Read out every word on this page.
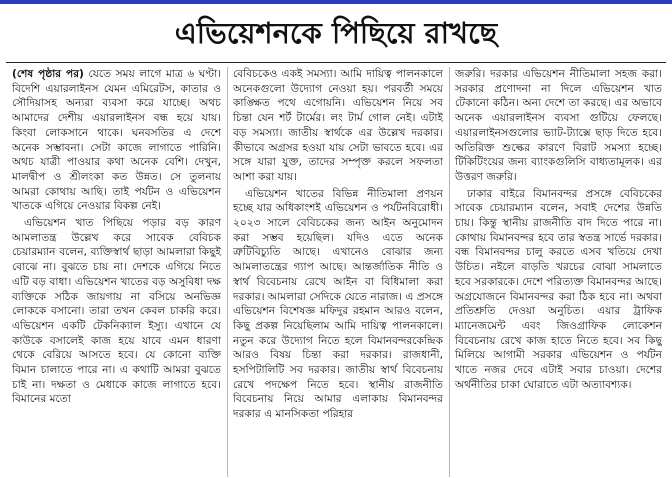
এভিয়েশনকে পিছিয়ে রাখছে

(শেষ পৃষ্ঠার পর) যেতে সময় লাগে মাত্র ৬ ঘণ্টা। বিদেশি এয়ারলাইনস যেমন এমিরেটস, কাতার ও সৌদিয়াসহ অন্যরা ব্যবসা করে যাচ্ছে। অথচ আমাদের দেশীয় এয়ারলাইনস বন্ধ হয়ে যায়। কিংবা লোকসানে থাকে। ঘনবসতির এ দেশে অনেক সম্ভাবনা। সেটা কাজে লাগাতে পারিনি। অথচ যাত্রী পাওয়ার কথা অনেক বেশি। দেখুন, মালদ্বীপ ও শ্রীলংকা কত উন্নত। সে তুলনায় আমরা কোথায় আছি। তাই পর্যটন ও এভিয়েশন খাতকে এগিয়ে নেওয়ার বিকল্প নেই।

এভিয়েশন খাত পিছিয়ে পড়ার বড় কারণ আমলাতন্ত্র উল্লেখ করে সাবেক বেবিচক চেয়ারম্যান বলেন, ব্যক্তিস্বার্থ ছাড়া আমলারা কিছুই বোঝে না। বুঝতে চায় না। দেশকে এগিয়ে নিতে এটি বড় বাধা। এভিয়েশন খাতের বড় অসুবিধা দক্ষ ব্যক্তিকে সঠিক জায়গায় না বসিয়ে অনভিজ্ঞ লোককে বসানো। তারা তখন কেবল চাকরি করে। এভিয়েশন একটি টেকনিক্যাল ইস্যু। এখানে যে কাউকে বসালেই কাজ হয়ে যাবে এমন ধারণা থেকে বেরিয়ে আসতে হবে। যে কোনো ব্যক্তি বিমান চালাতে পারে না। এ কথাটি আমরা বুঝতে চাই না। দক্ষতা ও মেধাকে কাজে লাগাতে হবে। বিমানের মতো

বেবিচকেও একই সমস্যা। আমি দায়িত্ব পালনকালে অনেকগুলো উদ্যোগ নেওয়া হয়। পরবর্তী সময়ে কাঙ্ক্ষিত পথে এগোয়নি। এভিয়েশন নিয়ে সব চিন্তা যেন শর্ট টার্মের। লং টার্ম গোল নেই। এটাই বড় সমস্যা। জাতীয় স্বার্থকে এর উল্লেখ দরকার। কীভাবে অগ্রসর হওয়া যায় সেটা ভাবতে হবে। এর সঙ্গে যারা যুক্ত, তাদের সম্পৃক্ত করলে সফলতা আশা করা যায়।

এভিয়েশন খাতের বিভিন্ন নীতিমালা প্রণয়ন হচ্ছে যার অধিকাংশই এভিয়েশন ও পর্যটনবিরোধী। ২০২৩ সালে বেবিচকের জন্য আইন অনুমোদন করা সম্ভব হয়েছিল। যদিও এতে অনেক ত্রুটিবিচ্যুতি আছে। এখানেও বোঝার জন্য আমলাতন্ত্রের গ্যাপ আছে। আন্তর্জাতিক নীতি ও স্বার্থ বিবেচনায় রেখে আইন বা বিধিমালা করা দরকার। আমলারা সেদিকে যেতে নারাজ। এ প্রসঙ্গে এভিয়েশন বিশেষজ্ঞ মফিদুর রহমান আরও বলেন, কিছু প্রকল্প নিয়েছিলাম আমি দায়িত্ব পালনকালে। নতুন করে উদ্যোগ নিতে হলে বিমানবন্দরকেন্দ্রিক আরও বিষয় চিন্তা করা দরকার। রাজধানী, হসপিটালিটি সব দরকার। জাতীয় স্বার্থ বিবেচনায় রেখে পদক্ষেপ নিতে হবে। স্থানীয় রাজনীতি বিবেচনায় নিয়ে আমার এলাকায় বিমানবন্দর দরকার এ মানসিকতা পরিহার

জরুরি। দরকার এভিয়েশন নীতিমালা সহজ করা। সরকার প্রণোদনা না দিলে এভিয়েশন খাত টেকানো কঠিন। অন্য দেশে তা করছে। এর অভাবে অনেক এয়ারলাইনস ব্যবসা গুটিয়ে ফেলছে। এয়ারলাইনসগুলোর ভ্যাট-ট্যাক্সে ছাড় দিতে হবে। অতিরিক্ত শুল্কের কারণে বিরাট সমস্যা হচ্ছে। টিকিটিংয়ের জন্য ব্যাংকগুলিসি বাধ্যতামূলক। এর উত্তরণ জরুরি।

ঢাকার বাইরে বিমানবন্দর প্রসঙ্গে বেবিচকের সাবেক চেয়ারম্যান বলেন, সবাই দেশের উন্নতি চায়। কিন্তু স্থানীয় রাজনীতি বাদ দিতে পারে না। কোথায় বিমানবন্দর হবে তার স্বতন্ত্র সার্ভে দরকার। বন্ধ বিমানবন্দর চালু করতে এসব খতিয়ে দেখা উচিত। নইলে বাড়তি খরচের বোঝা সামলাতে হবে সরকারকে। দেশে পরিত্যক্ত বিমানবন্দর আছে। অগ্রযোজনে বিমানবন্দর করা ঠিক হবে না। অথবা প্রতিশ্রুতি দেওয়া অনুচিত। এয়ার ট্রাফিক ম্যানেজমেন্ট এবং জিওগ্রাফিক লোকেশন বিবেচনায় রেখে কাজ হাতে নিতে হবে। সব কিছু মিলিয়ে আগামী সরকার এভিয়েশন ও পর্যটন খাতে নজর দেবে এটাই সবার চাওয়া। দেশের অর্থনীতির চাকা ঘোরাতে এটা অত্যাবশ্যক।
